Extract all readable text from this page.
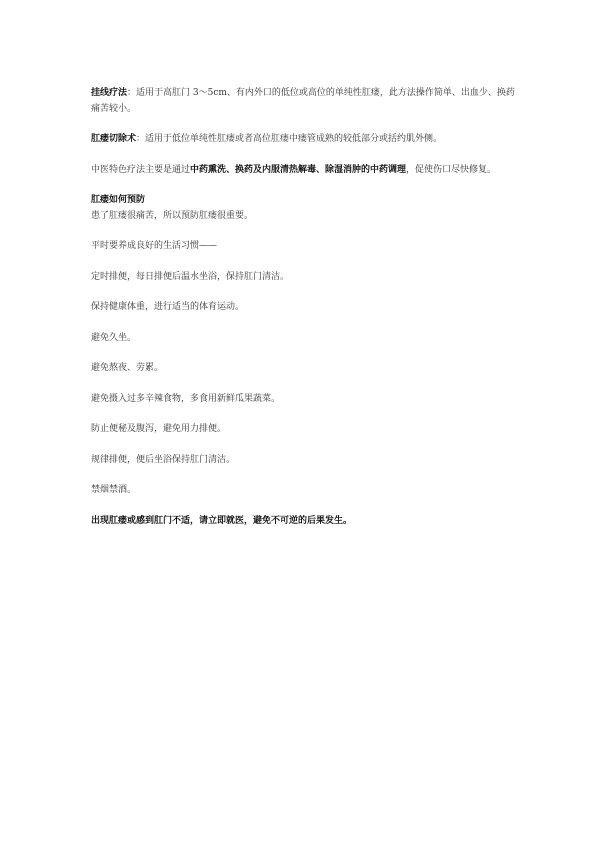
挂线疗法：适用于高肛门 3～5cm、有内外口的低位或高位的单纯性肛瘘，此方法操作简单、出血少、换药痛苦较小。

肛瘘切除术：适用于低位单纯性肛瘘或者高位肛瘘中瘘管成熟的较低部分或括约肌外侧。

中医特色疗法主要是通过中药熏洗、换药及内服清热解毒、除湿消肿的中药调理，促使伤口尽快修复。

肛瘘如何预防

患了肛瘘很痛苦，所以预防肛瘘很重要。

平时要养成良好的生活习惯——

定时排便，每日排便后温水坐浴，保持肛门清洁。

保持健康体重，进行适当的体育运动。

避免久坐。

避免熬夜、劳累。

避免摄入过多辛辣食物，多食用新鲜瓜果蔬菜。

防止便秘及腹泻，避免用力排便。

规律排便，便后坐浴保持肛门清洁。

禁烟禁酒。

出现肛瘘或感到肛门不适，请立即就医，避免不可逆的后果发生。
